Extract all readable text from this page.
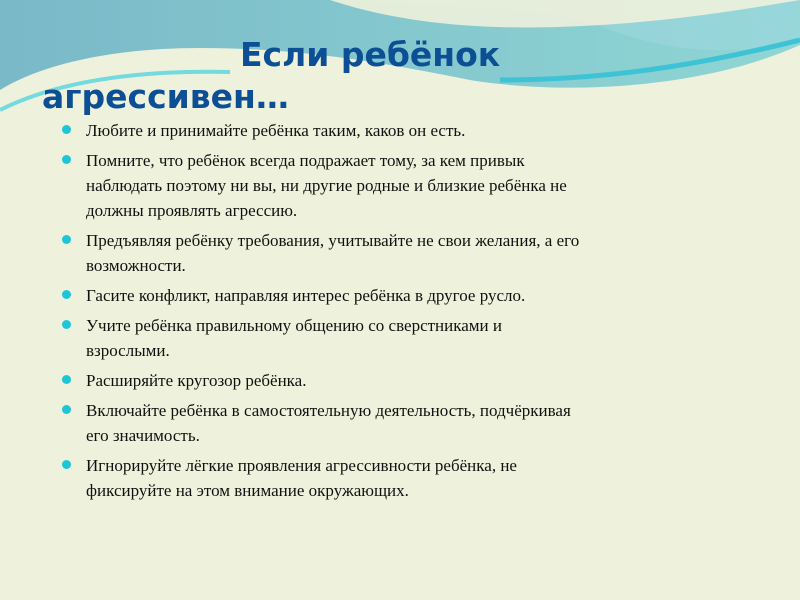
Если ребёнок
агрессивен…
Любите и принимайте ребёнка таким, каков он есть.
Помните, что ребёнок всегда подражает тому, за кем привык наблюдать поэтому ни вы, ни другие родные и близкие ребёнка не должны проявлять агрессию.
Предъявляя ребёнку требования, учитывайте не свои желания, а его возможности.
Гасите конфликт, направляя интерес ребёнка в другое русло.
Учите ребёнка правильному общению со сверстниками и взрослыми.
Расширяйте кругозор ребёнка.
Включайте ребёнка в самостоятельную деятельность, подчёркивая его значимость.
Игнорируйте лёгкие проявления агрессивности ребёнка, не фиксируйте на этом внимание окружающих.
